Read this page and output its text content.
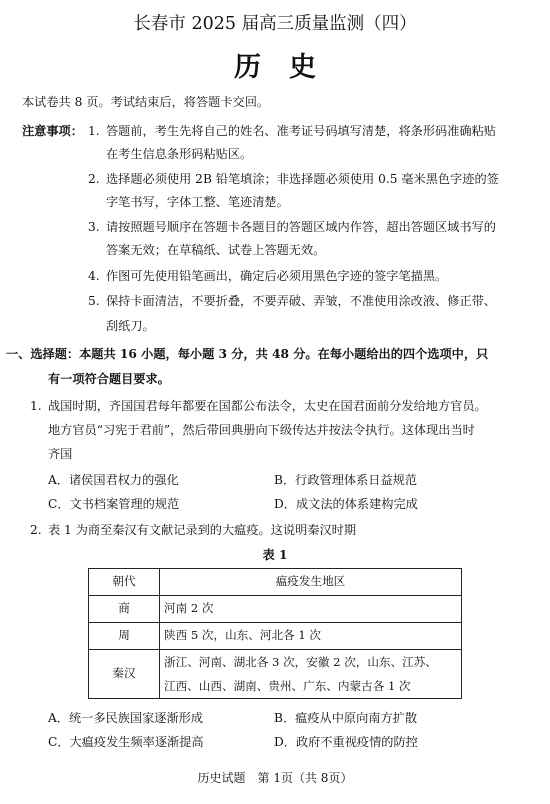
长春市 2025 届高三质量监测（四）
历史
本试卷共 8 页。考试结束后，将答题卡交回。
注意事项： 1. 答题前，考生先将自己的姓名、准考证号码填写清楚，将条形码准确粘贴
在考生信息条形码粘贴区。
2. 选择题必须使用 2B 铅笔填涂；非选择题必须使用 0.5 毫米黑色字迹的签
字笔书写，字体工整、笔迹清楚。
3. 请按照题号顺序在答题卡各题目的答题区域内作答，超出答题区域书写的
答案无效；在草稿纸、试卷上答题无效。
4. 作图可先使用铅笔画出，确定后必须用黑色字迹的签字笔描黑。
5. 保持卡面清洁，不要折叠，不要弄破、弄皱，不准使用涂改液、修正带、
刮纸刀。
一、选择题：本题共 16 小题，每小题 3 分，共 48 分。在每小题给出的四个选项中，只
有一项符合题目要求。
1. 战国时期，齐国国君每年都要在国都公布法令，太史在国君面前分发给地方官员。
地方官员“习宪于君前”，然后带回典册向下级传达并按法令执行。这体现出当时
齐国
A．诸侯国君权力的强化	B．行政管理体系日益规范
C．文书档案管理的规范	D．成文法的体系建构完成
2. 表 1 为商至秦汉有文献记录到的大瘟疫。这说明秦汉时期
表 1
朝代	瘟疫发生地区
商	河南 2 次
周	陕西 5 次，山东、河北各 1 次
秦汉	浙江、河南、湖北各 3 次，安徽 2 次，山东、江苏、
江西、山西、湖南、贵州、广东、内蒙古各 1 次
A．统一多民族国家逐渐形成	B．瘟疫从中原向南方扩散
C．大瘟疫发生频率逐渐提高	D．政府不重视疫情的防控
历史试题　第 1页（共 8页）
